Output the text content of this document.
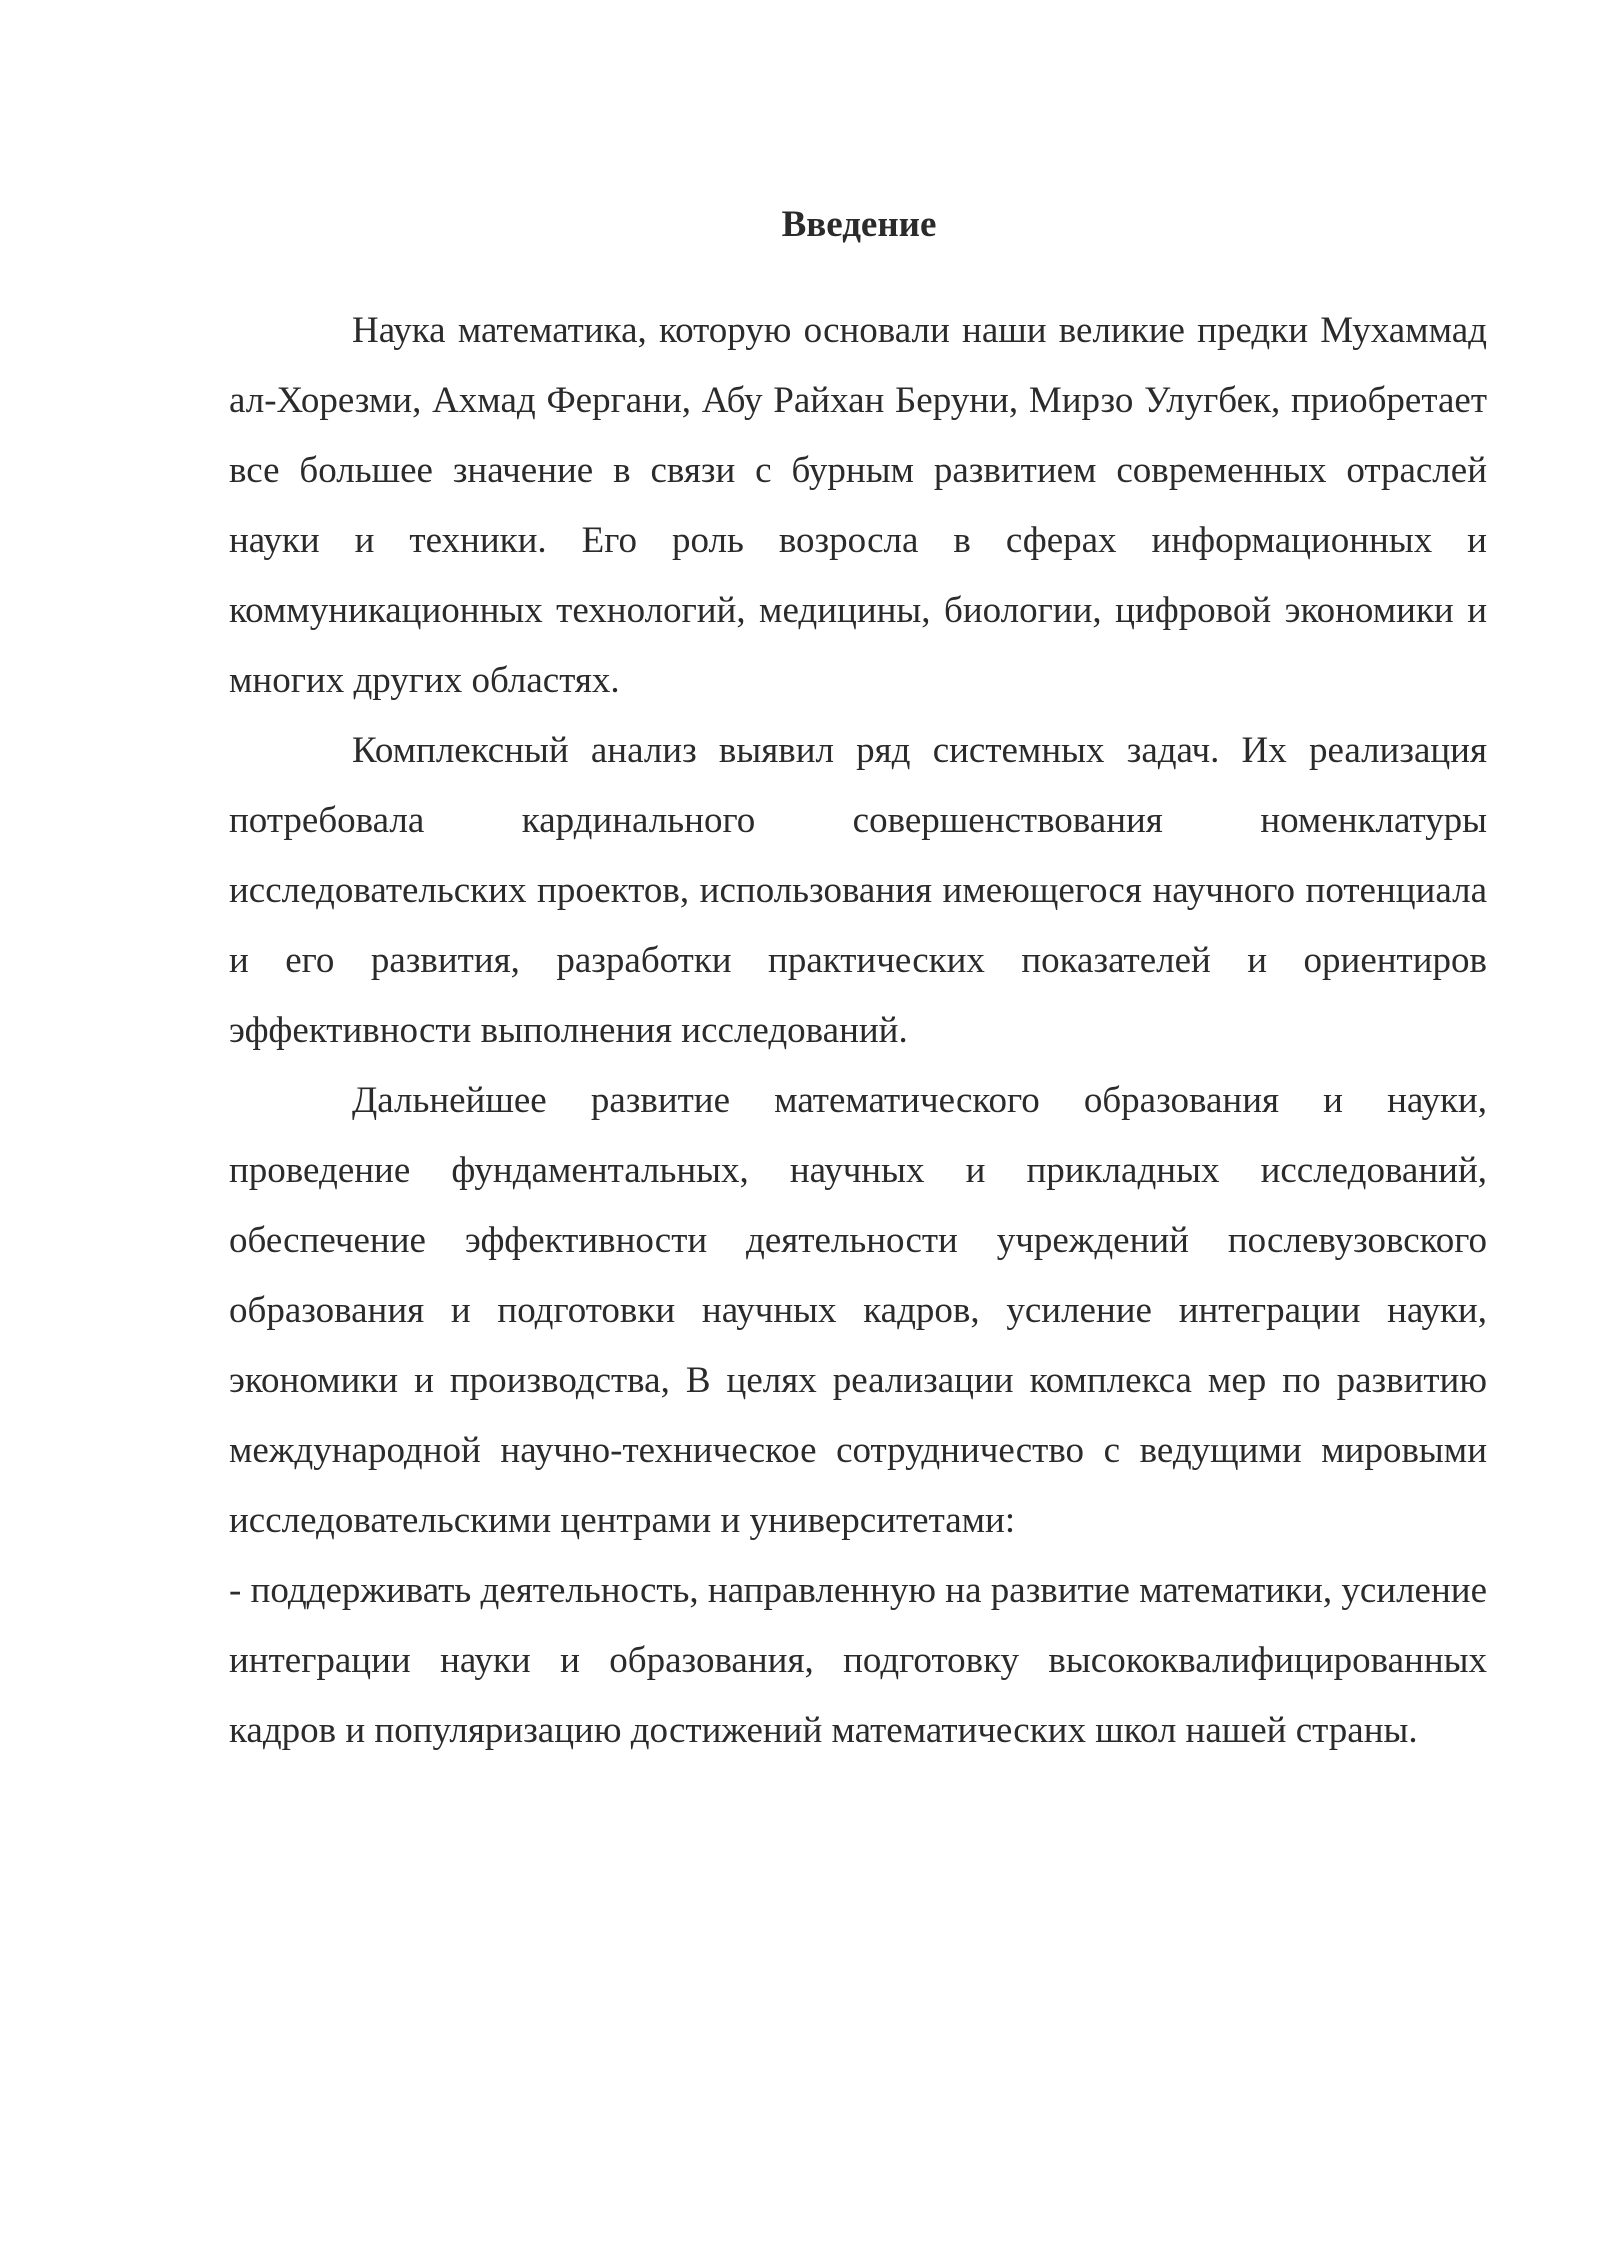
Введение

Наука математика, которую основали наши великие предки Мухаммад ал-Хорезми, Ахмад Фергани, Абу Райхан Беруни, Мирзо Улугбек, приобретает все большее значение в связи с бурным развитием современных отраслей науки и техники. Его роль возросла в сферах информационных и коммуникационных технологий, медицины, биологии, цифровой экономики и многих других областях.

Комплексный анализ выявил ряд системных задач. Их реализация потребовала кардинального совершенствования номенклатуры исследовательских проектов, использования имеющегося научного потенциала и его развития, разработки практических показателей и ориентиров эффективности выполнения исследований.

Дальнейшее развитие математического образования и науки, проведение фундаментальных, научных и прикладных исследований, обеспечение эффективности деятельности учреждений послевузовского образования и подготовки научных кадров, усиление интеграции науки, экономики и производства, В целях реализации комплекса мер по развитию международной научно-техническое сотрудничество с ведущими мировыми исследовательскими центрами и университетами:

- поддерживать деятельность, направленную на развитие математики, усиление интеграции науки и образования, подготовку высококвалифицированных кадров и популяризацию достижений математических школ нашей страны.
